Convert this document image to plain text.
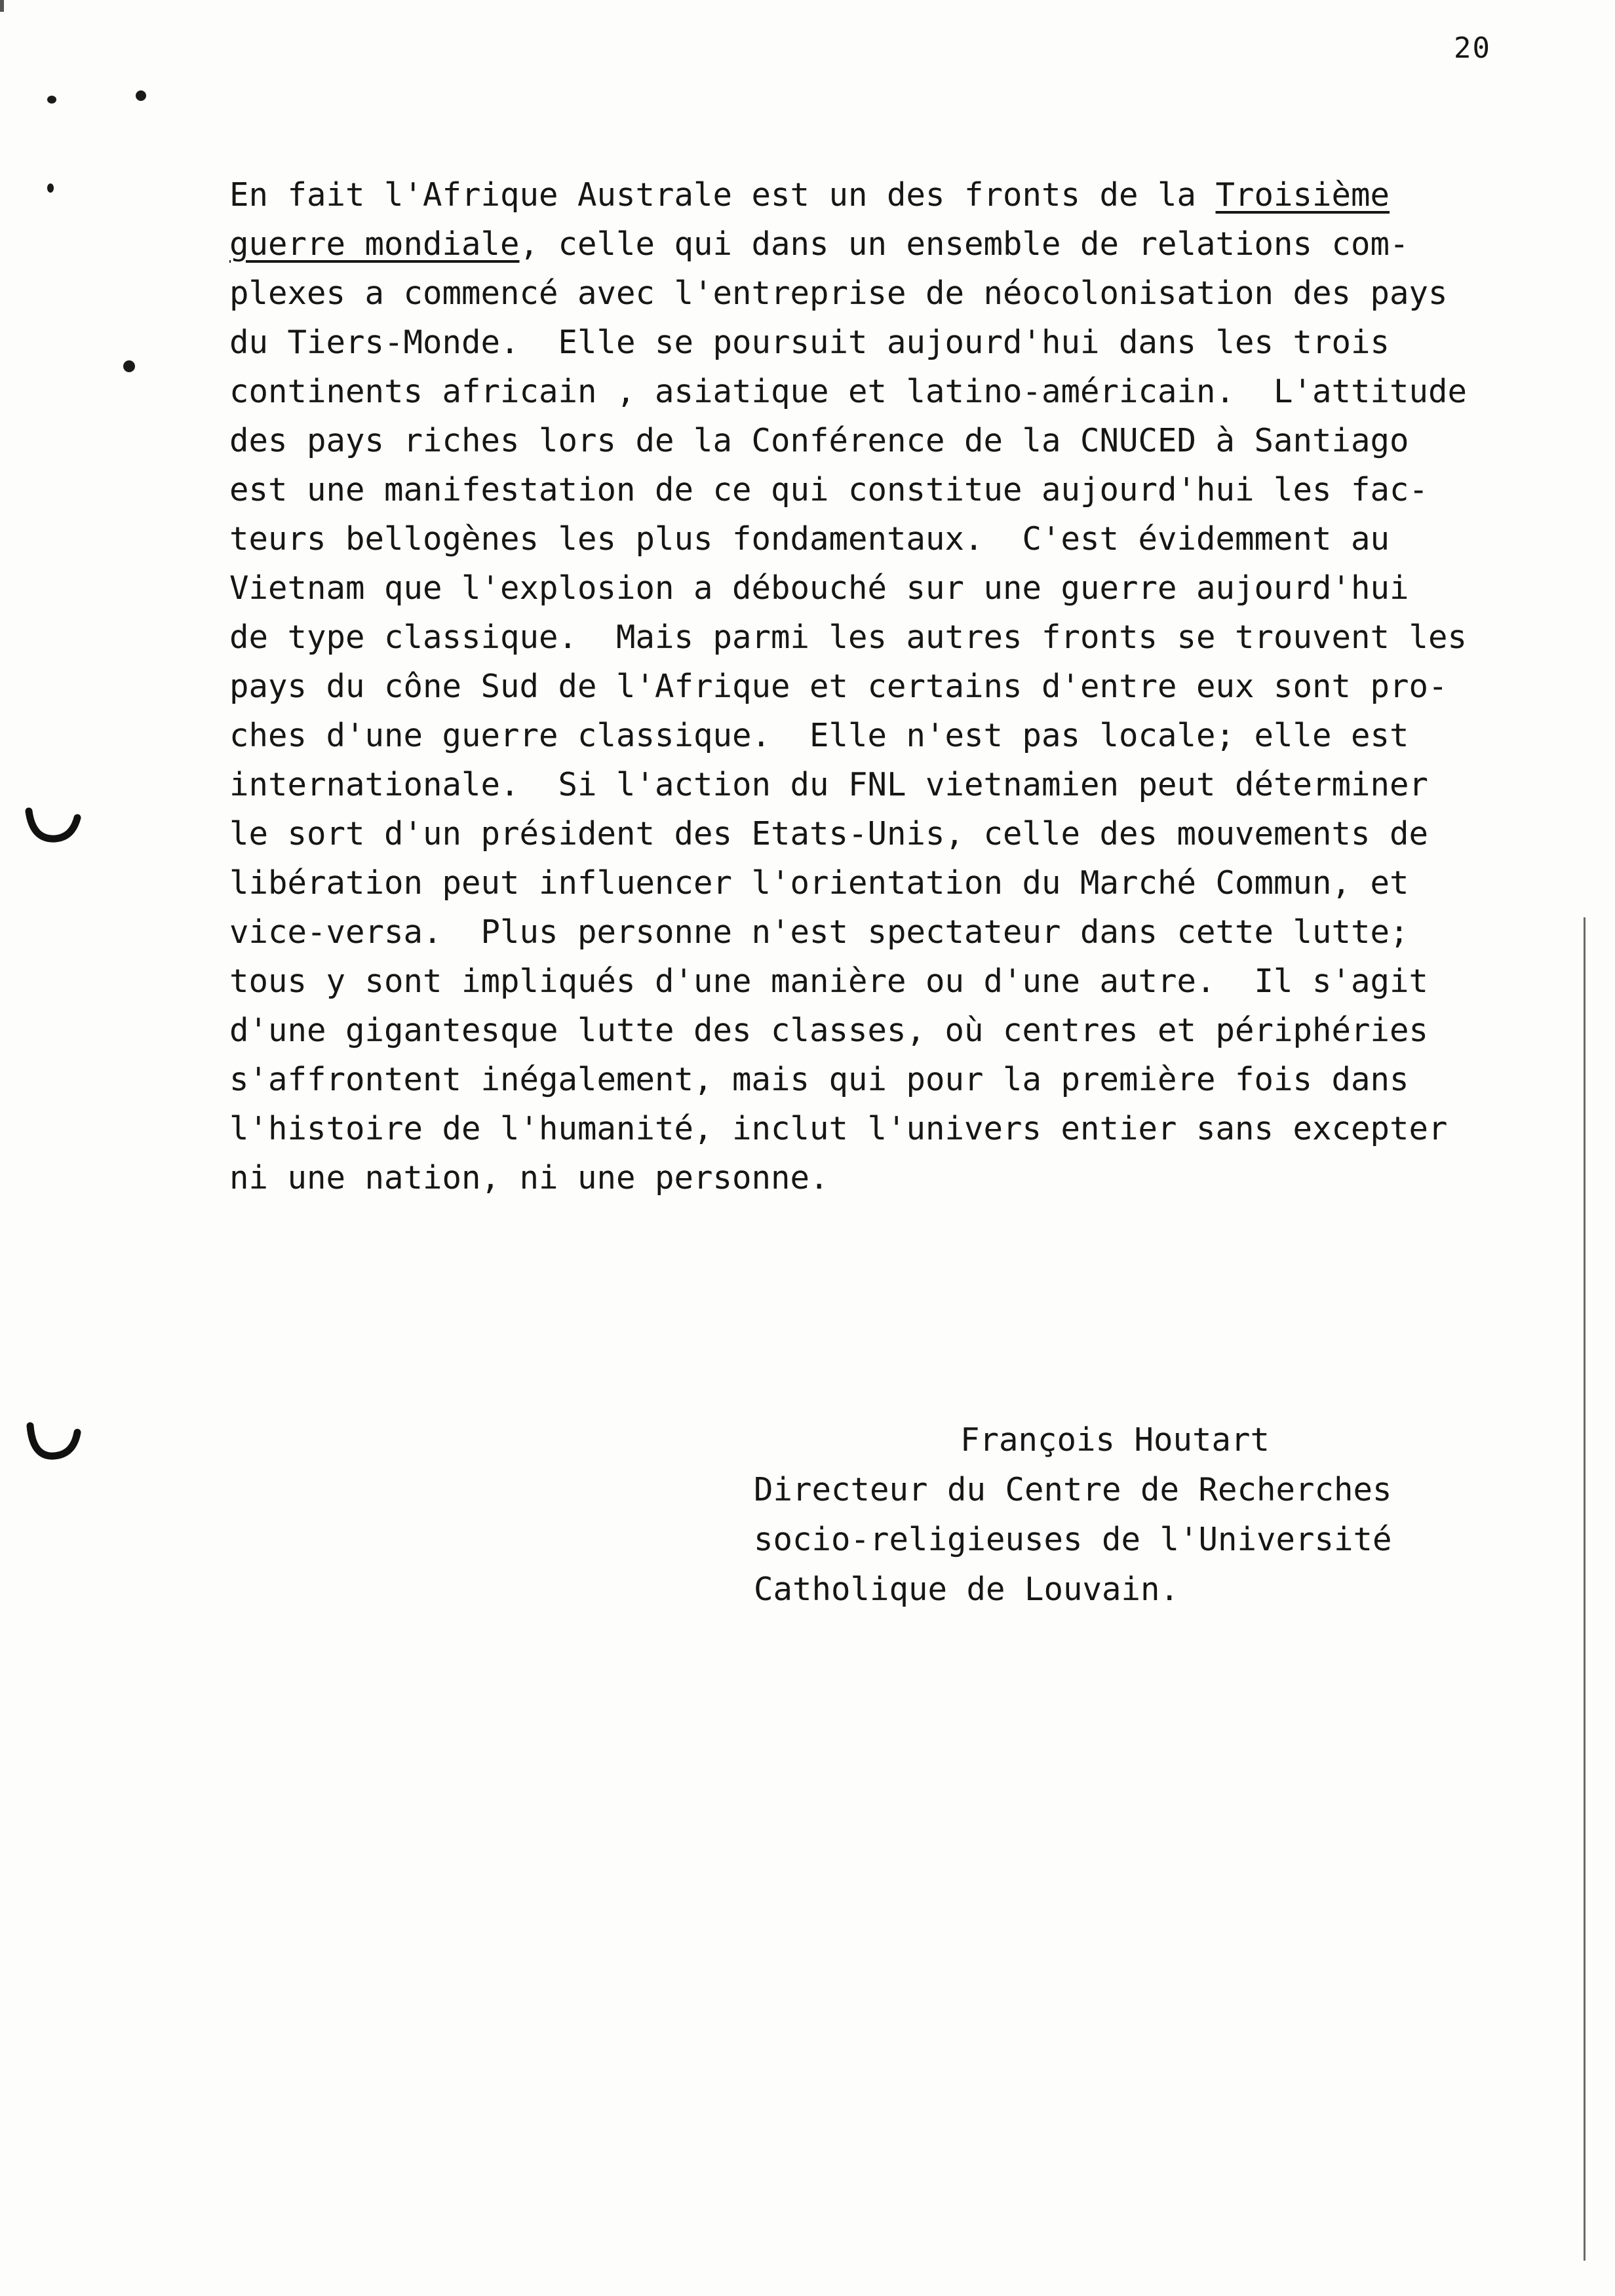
20
En fait l'Afrique Australe est un des fronts de la Troisième
guerre mondiale, celle qui dans un ensemble de relations com-
plexes a commencé avec l'entreprise de néocolonisation des pays
du Tiers-Monde.  Elle se poursuit aujourd'hui dans les trois
continents africain , asiatique et latino-américain.  L'attitude
des pays riches lors de la Conférence de la CNUCED à Santiago
est une manifestation de ce qui constitue aujourd'hui les fac-
teurs bellogènes les plus fondamentaux.  C'est évidemment au
Vietnam que l'explosion a débouché sur une guerre aujourd'hui
de type classique.  Mais parmi les autres fronts se trouvent les
pays du cône Sud de l'Afrique et certains d'entre eux sont pro-
ches d'une guerre classique.  Elle n'est pas locale; elle est
internationale.  Si l'action du FNL vietnamien peut déterminer
le sort d'un président des Etats-Unis, celle des mouvements de
libération peut influencer l'orientation du Marché Commun, et
vice-versa.  Plus personne n'est spectateur dans cette lutte;
tous y sont impliqués d'une manière ou d'une autre.  Il s'agit
d'une gigantesque lutte des classes, où centres et périphéries
s'affrontent inégalement, mais qui pour la première fois dans
l'histoire de l'humanité, inclut l'univers entier sans excepter
ni une nation, ni une personne.
François Houtart
Directeur du Centre de Recherches
socio-religieuses de l'Université
Catholique de Louvain.
